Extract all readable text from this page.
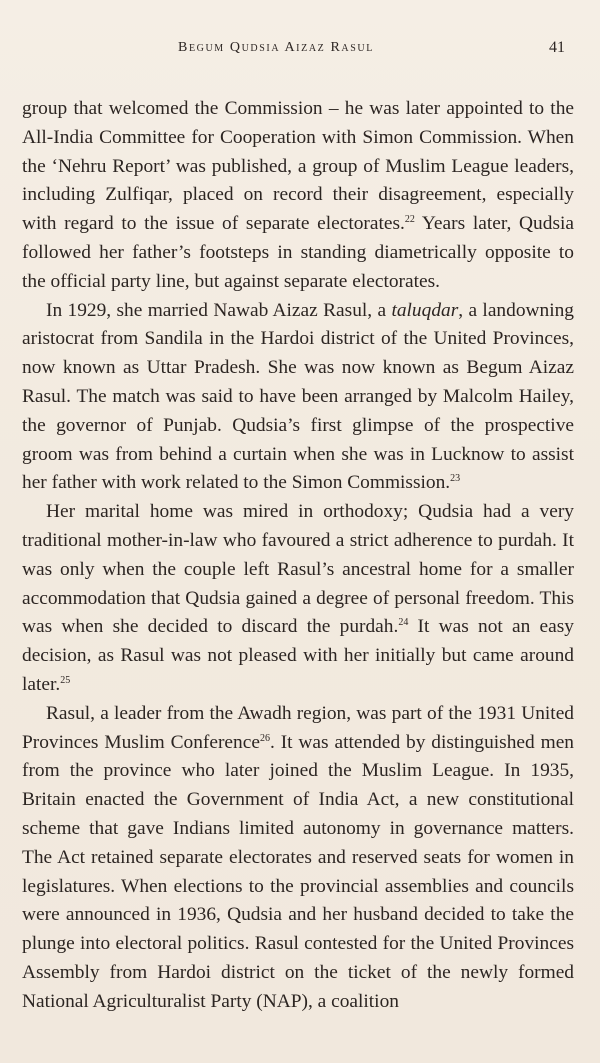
Begum Qudsia Aizaz Rasul	41

group that welcomed the Commission – he was later appointed to the All-India Committee for Cooperation with Simon Commission. When the ‘Nehru Report’ was published, a group of Muslim League leaders, including Zulfiqar, placed on record their disagreement, especially with regard to the issue of separate electorates.$^{22}$ Years later, Qudsia followed her father’s footsteps in standing diametrically opposite to the official party line, but against separate electorates.

In 1929, she married Nawab Aizaz Rasul, a taluqdar, a landowning aristocrat from Sandila in the Hardoi district of the United Provinces, now known as Uttar Pradesh. She was now known as Begum Aizaz Rasul. The match was said to have been arranged by Malcolm Hailey, the governor of Punjab. Qudsia’s first glimpse of the prospective groom was from behind a curtain when she was in Lucknow to assist her father with work related to the Simon Commission.$^{23}$

Her marital home was mired in orthodoxy; Qudsia had a very traditional mother-in-law who favoured a strict adherence to purdah. It was only when the couple left Rasul’s ancestral home for a smaller accommodation that Qudsia gained a degree of personal freedom. This was when she decided to discard the purdah.$^{24}$ It was not an easy decision, as Rasul was not pleased with her initially but came around later.$^{25}$

Rasul, a leader from the Awadh region, was part of the 1931 United Provinces Muslim Conference$^{26}$. It was attended by distinguished men from the province who later joined the Muslim League. In 1935, Britain enacted the Government of India Act, a new constitutional scheme that gave Indians limited autonomy in governance matters. The Act retained separate electorates and reserved seats for women in legislatures. When elections to the provincial assemblies and councils were announced in 1936, Qudsia and her husband decided to take the plunge into electoral politics. Rasul contested for the United Provinces Assembly from Hardoi district on the ticket of the newly formed National Agriculturalist Party (NAP), a coalition
